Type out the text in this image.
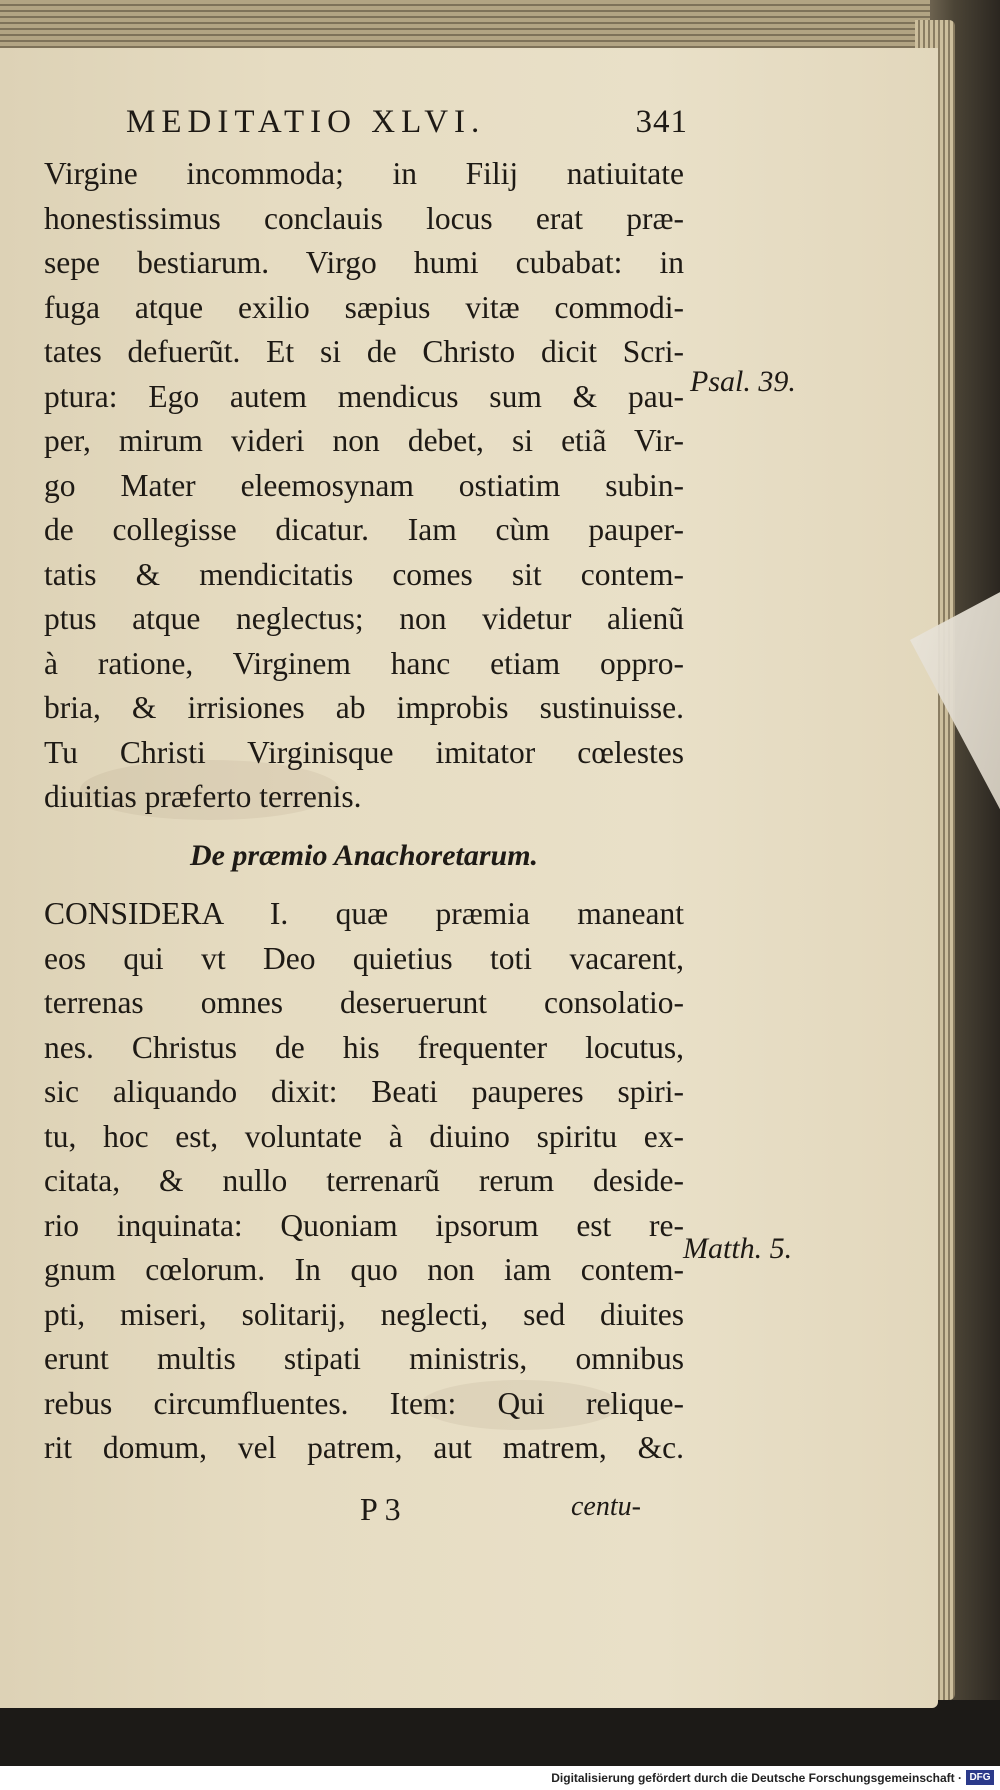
MEDITATIO XLVI.	341
Virgine incommoda; in Filij natiuitate
honestissimus conclauis locus erat præ-
sepe bestiarum. Virgo humi cubabat: in
fuga atque exilio sæpius vitæ commodi-
tates defuerũt. Et si de Christo dicit Scri-
ptura: Ego autem mendicus sum & pau-
per, mirum videri non debet, si etiã Vir-
go Mater eleemosynam ostiatim subin-
de collegisse dicatur. Iam cùm pauper-
tatis & mendicitatis comes sit contem-
ptus atque neglectus; non videtur alienũ
à ratione, Virginem hanc etiam oppro-
bria, & irrisiones ab improbis sustinuisse.
Tu Christi Virginisque imitator cœlestes
diuitias præferto terrenis.
De præmio Anachoretarum.
CONSIDERA I. quæ præmia maneant
eos qui vt Deo quietius toti vacarent,
terrenas omnes deseruerunt consolatio-
nes. Christus de his frequenter locutus,
sic aliquando dixit: Beati pauperes spiri-
tu, hoc est, voluntate à diuino spiritu ex-
citata, & nullo terrenarũ rerum deside-
rio inquinata: Quoniam ipsorum est re-
gnum cœlorum. In quo non iam contem-
pti, miseri, solitarij, neglecti, sed diuites
erunt multis stipati ministris, omnibus
rebus circumfluentes. Item: Qui relique-
rit domum, vel patrem, aut matrem, &c.
Psal. 39.
Matth. 5.
P 3	centu-
Digitalisierung gefördert durch die Deutsche Forschungsgemeinschaft · DFG
